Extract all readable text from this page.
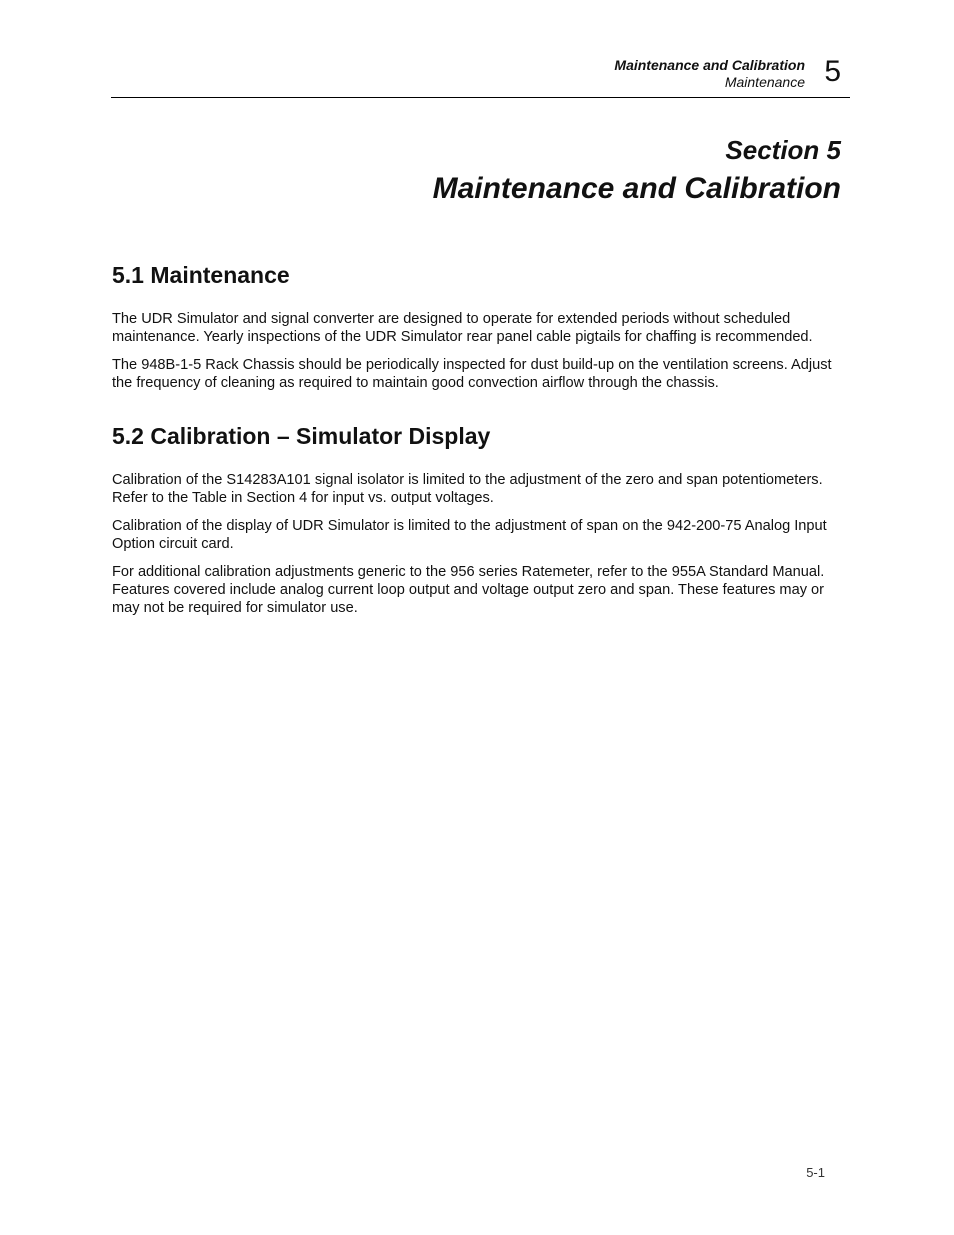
Maintenance and Calibration
Maintenance 5
Section 5
Maintenance and Calibration
5.1 Maintenance

The UDR Simulator and signal converter are designed to operate for extended periods without scheduled maintenance. Yearly inspections of the UDR Simulator rear panel cable pigtails for chaffing is recommended.

The 948B-1-5 Rack Chassis should be periodically inspected for dust build-up on the ventilation screens. Adjust the frequency of cleaning as required to maintain good convection airflow through the chassis.

5.2 Calibration – Simulator Display

Calibration of the S14283A101 signal isolator is limited to the adjustment of the zero and span potentiometers. Refer to the Table in Section 4 for input vs. output voltages.

Calibration of the display of UDR Simulator is limited to the adjustment of span on the 942-200-75 Analog Input Option circuit card.

For additional calibration adjustments generic to the 956 series Ratemeter, refer to the 955A Standard Manual. Features covered include analog current loop output and voltage output zero and span. These features may or may not be required for simulator use.

5-1
